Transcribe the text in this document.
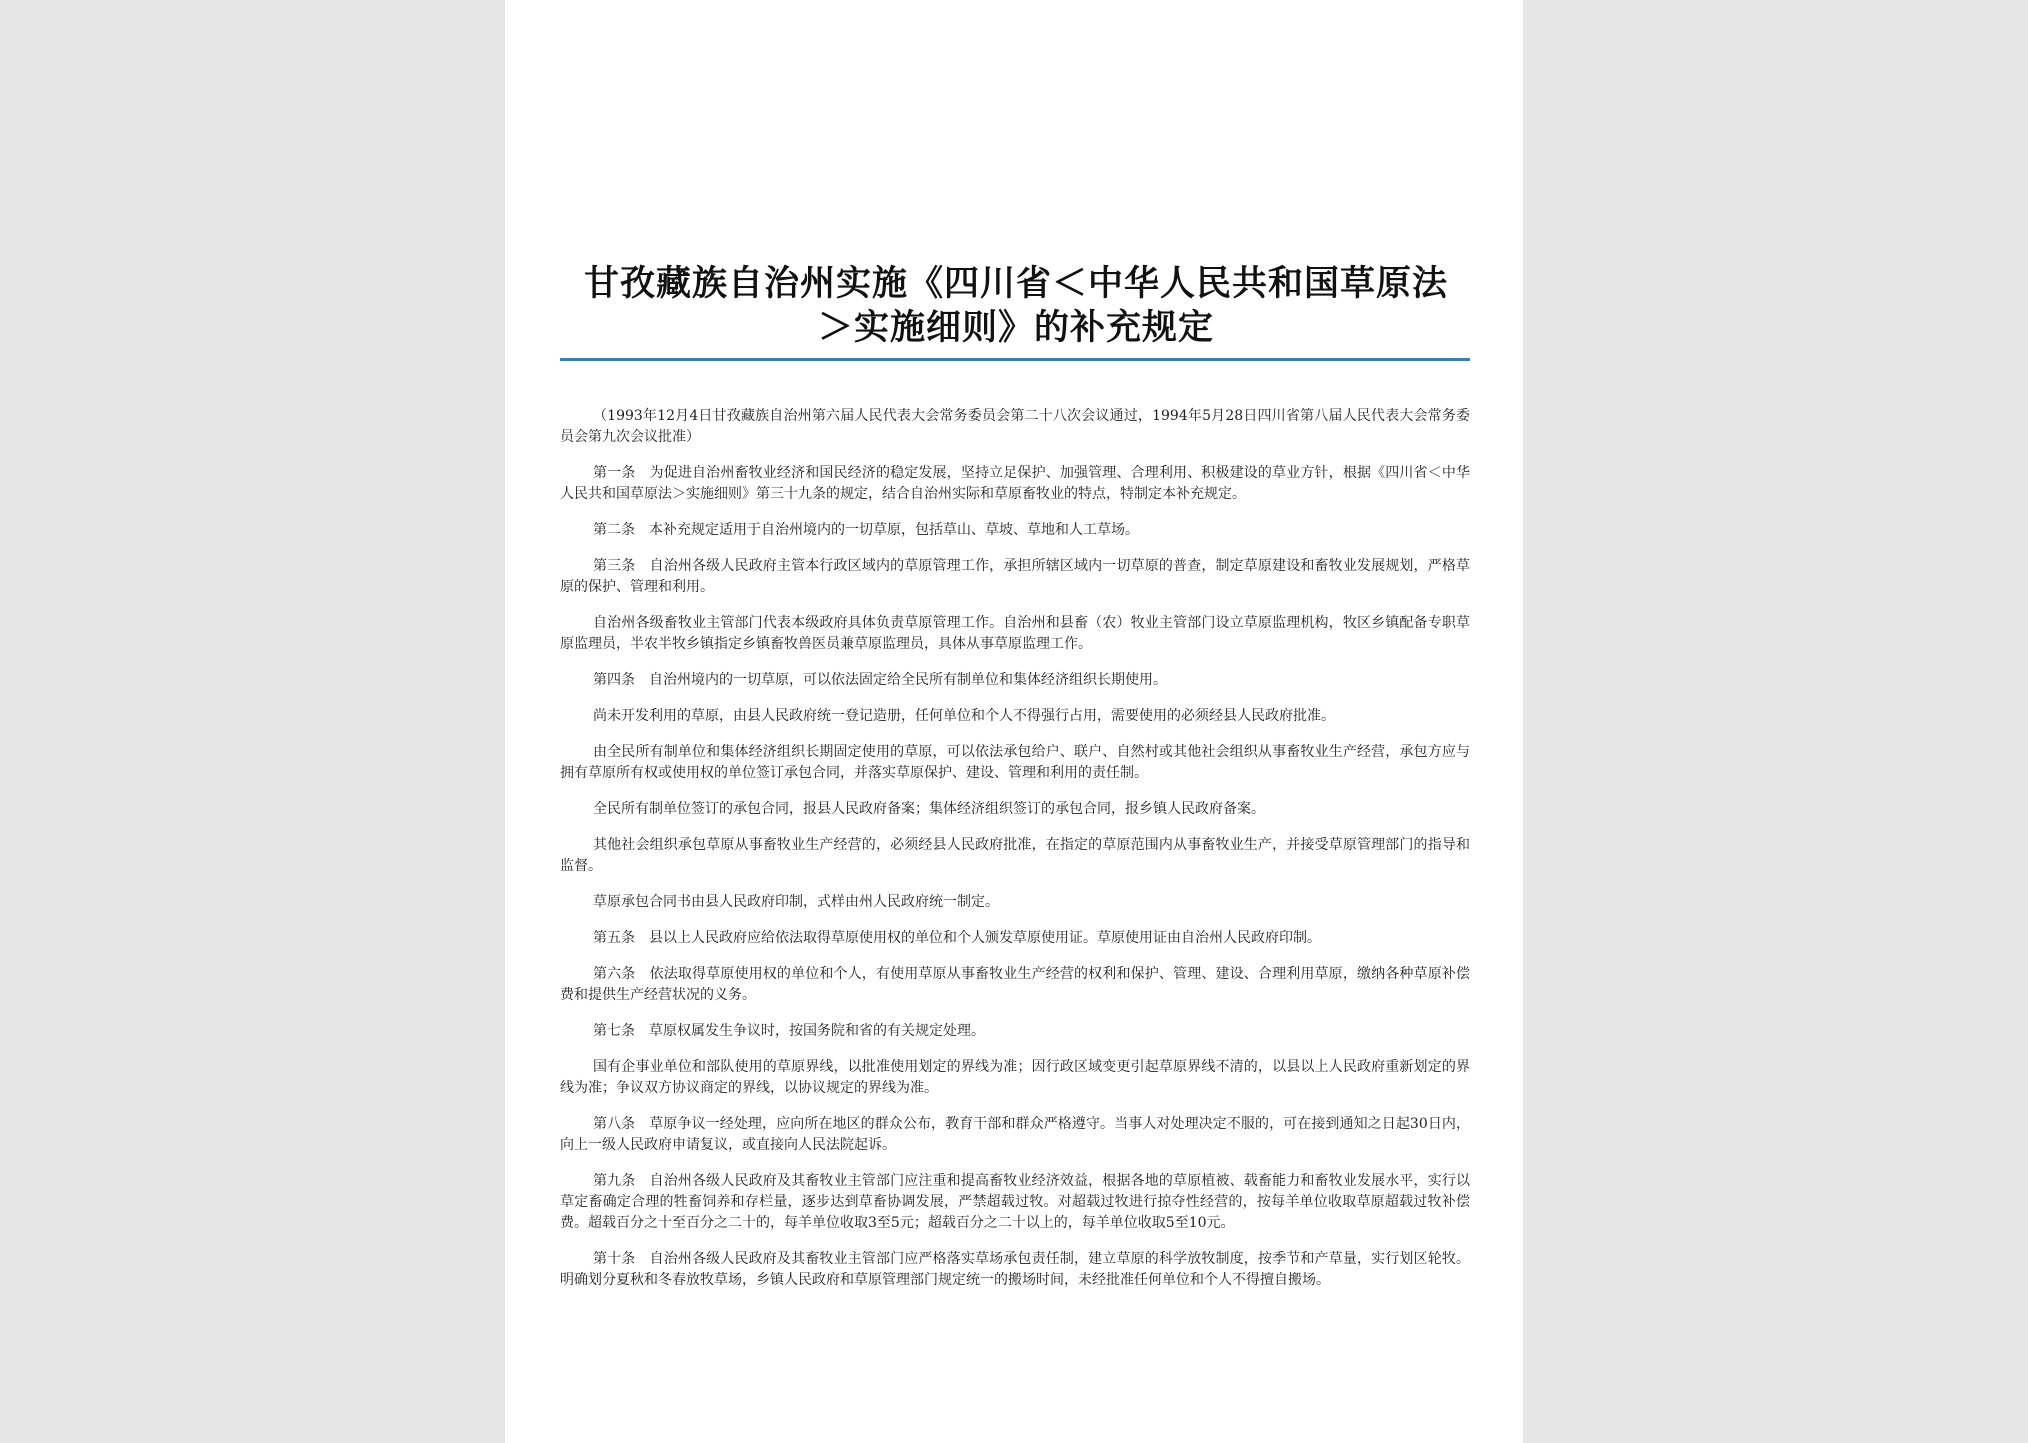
甘孜藏族自治州实施《四川省＜中华人民共和国草原法
＞实施细则》的补充规定

（1993年12月4日甘孜藏族自治州第六届人民代表大会常务委员会第二十八次会议通过，1994年5月28日四川省第八届人民代表大会常务委员会第九次会议批准）

第一条　为促进自治州畜牧业经济和国民经济的稳定发展，坚持立足保护、加强管理、合理利用、积极建设的草业方针，根据《四川省＜中华人民共和国草原法＞实施细则》第三十九条的规定，结合自治州实际和草原畜牧业的特点，特制定本补充规定。

第二条　本补充规定适用于自治州境内的一切草原，包括草山、草坡、草地和人工草场。

第三条　自治州各级人民政府主管本行政区域内的草原管理工作，承担所辖区域内一切草原的普查，制定草原建设和畜牧业发展规划，严格草原的保护、管理和利用。

自治州各级畜牧业主管部门代表本级政府具体负责草原管理工作。自治州和县畜（农）牧业主管部门设立草原监理机构，牧区乡镇配备专职草原监理员，半农半牧乡镇指定乡镇畜牧兽医员兼草原监理员，具体从事草原监理工作。

第四条　自治州境内的一切草原，可以依法固定给全民所有制单位和集体经济组织长期使用。

尚未开发利用的草原，由县人民政府统一登记造册，任何单位和个人不得强行占用，需要使用的必须经县人民政府批准。

由全民所有制单位和集体经济组织长期固定使用的草原，可以依法承包给户、联户、自然村或其他社会组织从事畜牧业生产经营，承包方应与拥有草原所有权或使用权的单位签订承包合同，并落实草原保护、建设、管理和利用的责任制。

全民所有制单位签订的承包合同，报县人民政府备案；集体经济组织签订的承包合同，报乡镇人民政府备案。

其他社会组织承包草原从事畜牧业生产经营的，必须经县人民政府批准，在指定的草原范围内从事畜牧业生产，并接受草原管理部门的指导和监督。

草原承包合同书由县人民政府印制，式样由州人民政府统一制定。

第五条　县以上人民政府应给依法取得草原使用权的单位和个人颁发草原使用证。草原使用证由自治州人民政府印制。

第六条　依法取得草原使用权的单位和个人，有使用草原从事畜牧业生产经营的权利和保护、管理、建设、合理利用草原，缴纳各种草原补偿费和提供生产经营状况的义务。

第七条　草原权属发生争议时，按国务院和省的有关规定处理。

国有企事业单位和部队使用的草原界线，以批准使用划定的界线为准；因行政区域变更引起草原界线不清的，以县以上人民政府重新划定的界线为准；争议双方协议商定的界线，以协议规定的界线为准。

第八条　草原争议一经处理，应向所在地区的群众公布，教育干部和群众严格遵守。当事人对处理决定不服的，可在接到通知之日起30日内，向上一级人民政府申请复议，或直接向人民法院起诉。

第九条　自治州各级人民政府及其畜牧业主管部门应注重和提高畜牧业经济效益，根据各地的草原植被、载畜能力和畜牧业发展水平，实行以草定畜确定合理的牲畜饲养和存栏量，逐步达到草畜协调发展，严禁超载过牧。对超载过牧进行掠夺性经营的，按每羊单位收取草原超载过牧补偿费。超载百分之十至百分之二十的，每羊单位收取3至5元；超载百分之二十以上的，每羊单位收取5至10元。

第十条　自治州各级人民政府及其畜牧业主管部门应严格落实草场承包责任制，建立草原的科学放牧制度，按季节和产草量，实行划区轮牧。明确划分夏秋和冬春放牧草场，乡镇人民政府和草原管理部门规定统一的搬场时间，未经批准任何单位和个人不得擅自搬场。
